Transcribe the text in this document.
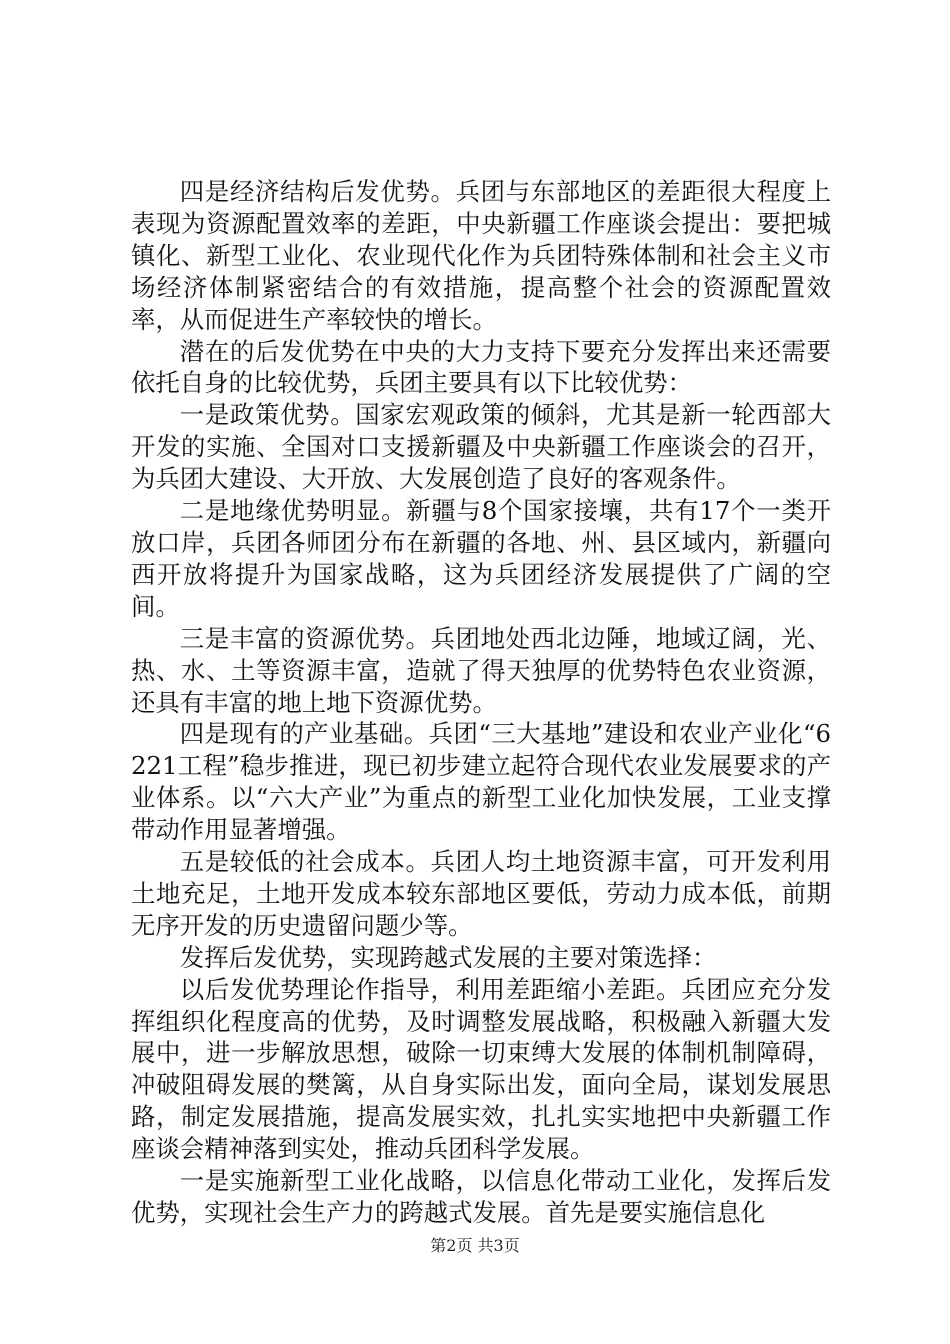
四是经济结构后发优势。兵团与东部地区的差距很大程度上表现为资源配置效率的差距，中央新疆工作座谈会提出：要把城镇化、新型工业化、农业现代化作为兵团特殊体制和社会主义市场经济体制紧密结合的有效措施，提高整个社会的资源配置效率，从而促进生产率较快的增长。

潜在的后发优势在中央的大力支持下要充分发挥出来还需要依托自身的比较优势，兵团主要具有以下比较优势：

一是政策优势。国家宏观政策的倾斜，尤其是新一轮西部大开发的实施、全国对口支援新疆及中央新疆工作座谈会的召开，为兵团大建设、大开放、大发展创造了良好的客观条件。

二是地缘优势明显。新疆与8个国家接壤，共有17个一类开放口岸，兵团各师团分布在新疆的各地、州、县区域内，新疆向西开放将提升为国家战略，这为兵团经济发展提供了广阔的空间。

三是丰富的资源优势。兵团地处西北边陲，地域辽阔，光、热、水、土等资源丰富，造就了得天独厚的优势特色农业资源，还具有丰富的地上地下资源优势。

四是现有的产业基础。兵团“三大基地”建设和农业产业化“6221工程”稳步推进，现已初步建立起符合现代农业发展要求的产业体系。以“六大产业”为重点的新型工业化加快发展，工业支撑带动作用显著增强。

五是较低的社会成本。兵团人均土地资源丰富，可开发利用土地充足，土地开发成本较东部地区要低，劳动力成本低，前期无序开发的历史遗留问题少等。

发挥后发优势，实现跨越式发展的主要对策选择：

以后发优势理论作指导，利用差距缩小差距。兵团应充分发挥组织化程度高的优势，及时调整发展战略，积极融入新疆大发展中，进一步解放思想，破除一切束缚大发展的体制机制障碍，冲破阻碍发展的樊篱，从自身实际出发，面向全局，谋划发展思路，制定发展措施，提高发展实效，扎扎实实地把中央新疆工作座谈会精神落到实处，推动兵团科学发展。

一是实施新型工业化战略，以信息化带动工业化，发挥后发优势，实现社会生产力的跨越式发展。首先是要实施信息化

第2页 共3页
